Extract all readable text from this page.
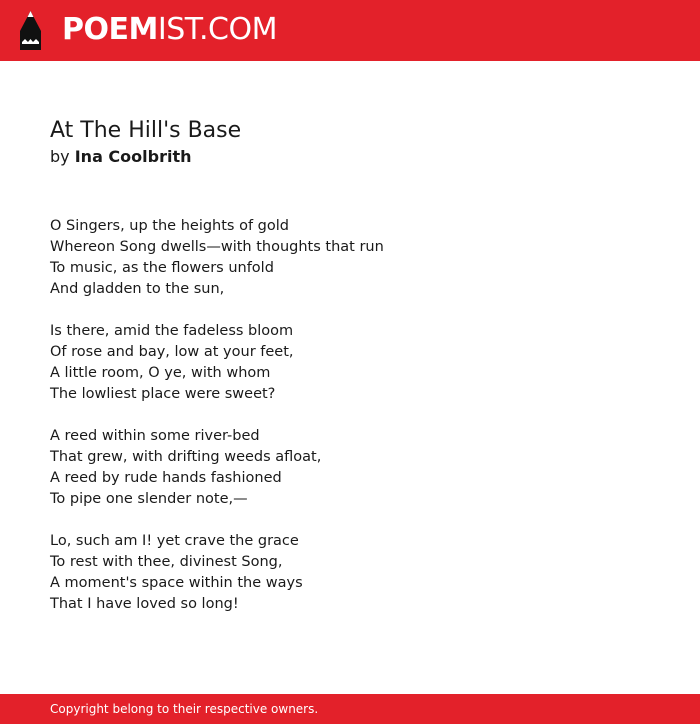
POEMIST.COM
At The Hill's Base
by Ina Coolbrith
O Singers, up the heights of gold
Whereon Song dwells—with thoughts that run
To music, as the flowers unfold
And gladden to the sun,
Is there, amid the fadeless bloom
Of rose and bay, low at your feet,
A little room, O ye, with whom
The lowliest place were sweet?
A reed within some river-bed
That grew, with drifting weeds afloat,
A reed by rude hands fashioned
To pipe one slender note,—
Lo, such am I! yet crave the grace
To rest with thee, divinest Song,
A moment's space within the ways
That I have loved so long!
Copyright belong to their respective owners.
